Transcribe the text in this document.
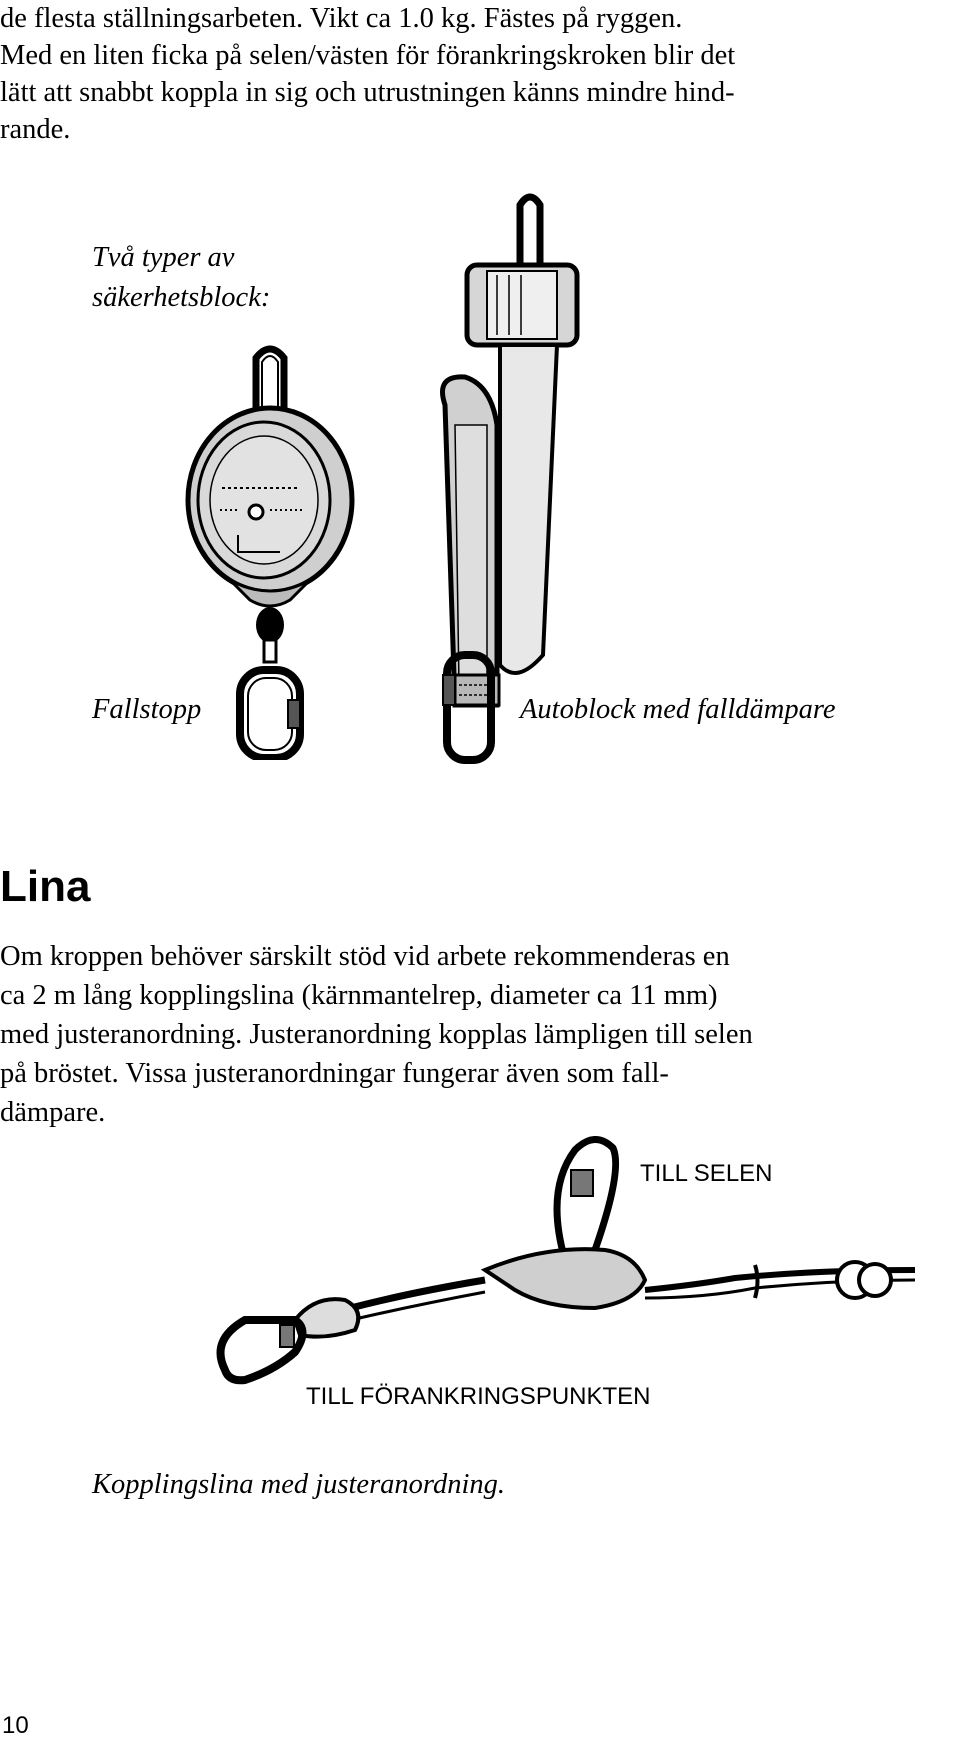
de flesta ställningsarbeten. Vikt ca 1.0 kg. Fästes på ryggen.
Med en liten ficka på selen/västen för förankringskroken blir det
lätt att snabbt koppla in sig och utrustningen känns mindre hind-
rande.
Två typer av
säkerhetsblock:
Fallstopp	Autoblock med falldämpare
Lina
Om kroppen behöver särskilt stöd vid arbete rekommenderas en
ca 2 m lång kopplingslina (kärnmantelrep, diameter ca 11 mm)
med justeranordning. Justeranordning kopplas lämpligen till selen
på bröstet. Vissa justeranordningar fungerar även som fall-
dämpare.
TILL SELEN
TILL FÖRANKRINGSPUNKTEN
Kopplingslina med justeranordning.
10
